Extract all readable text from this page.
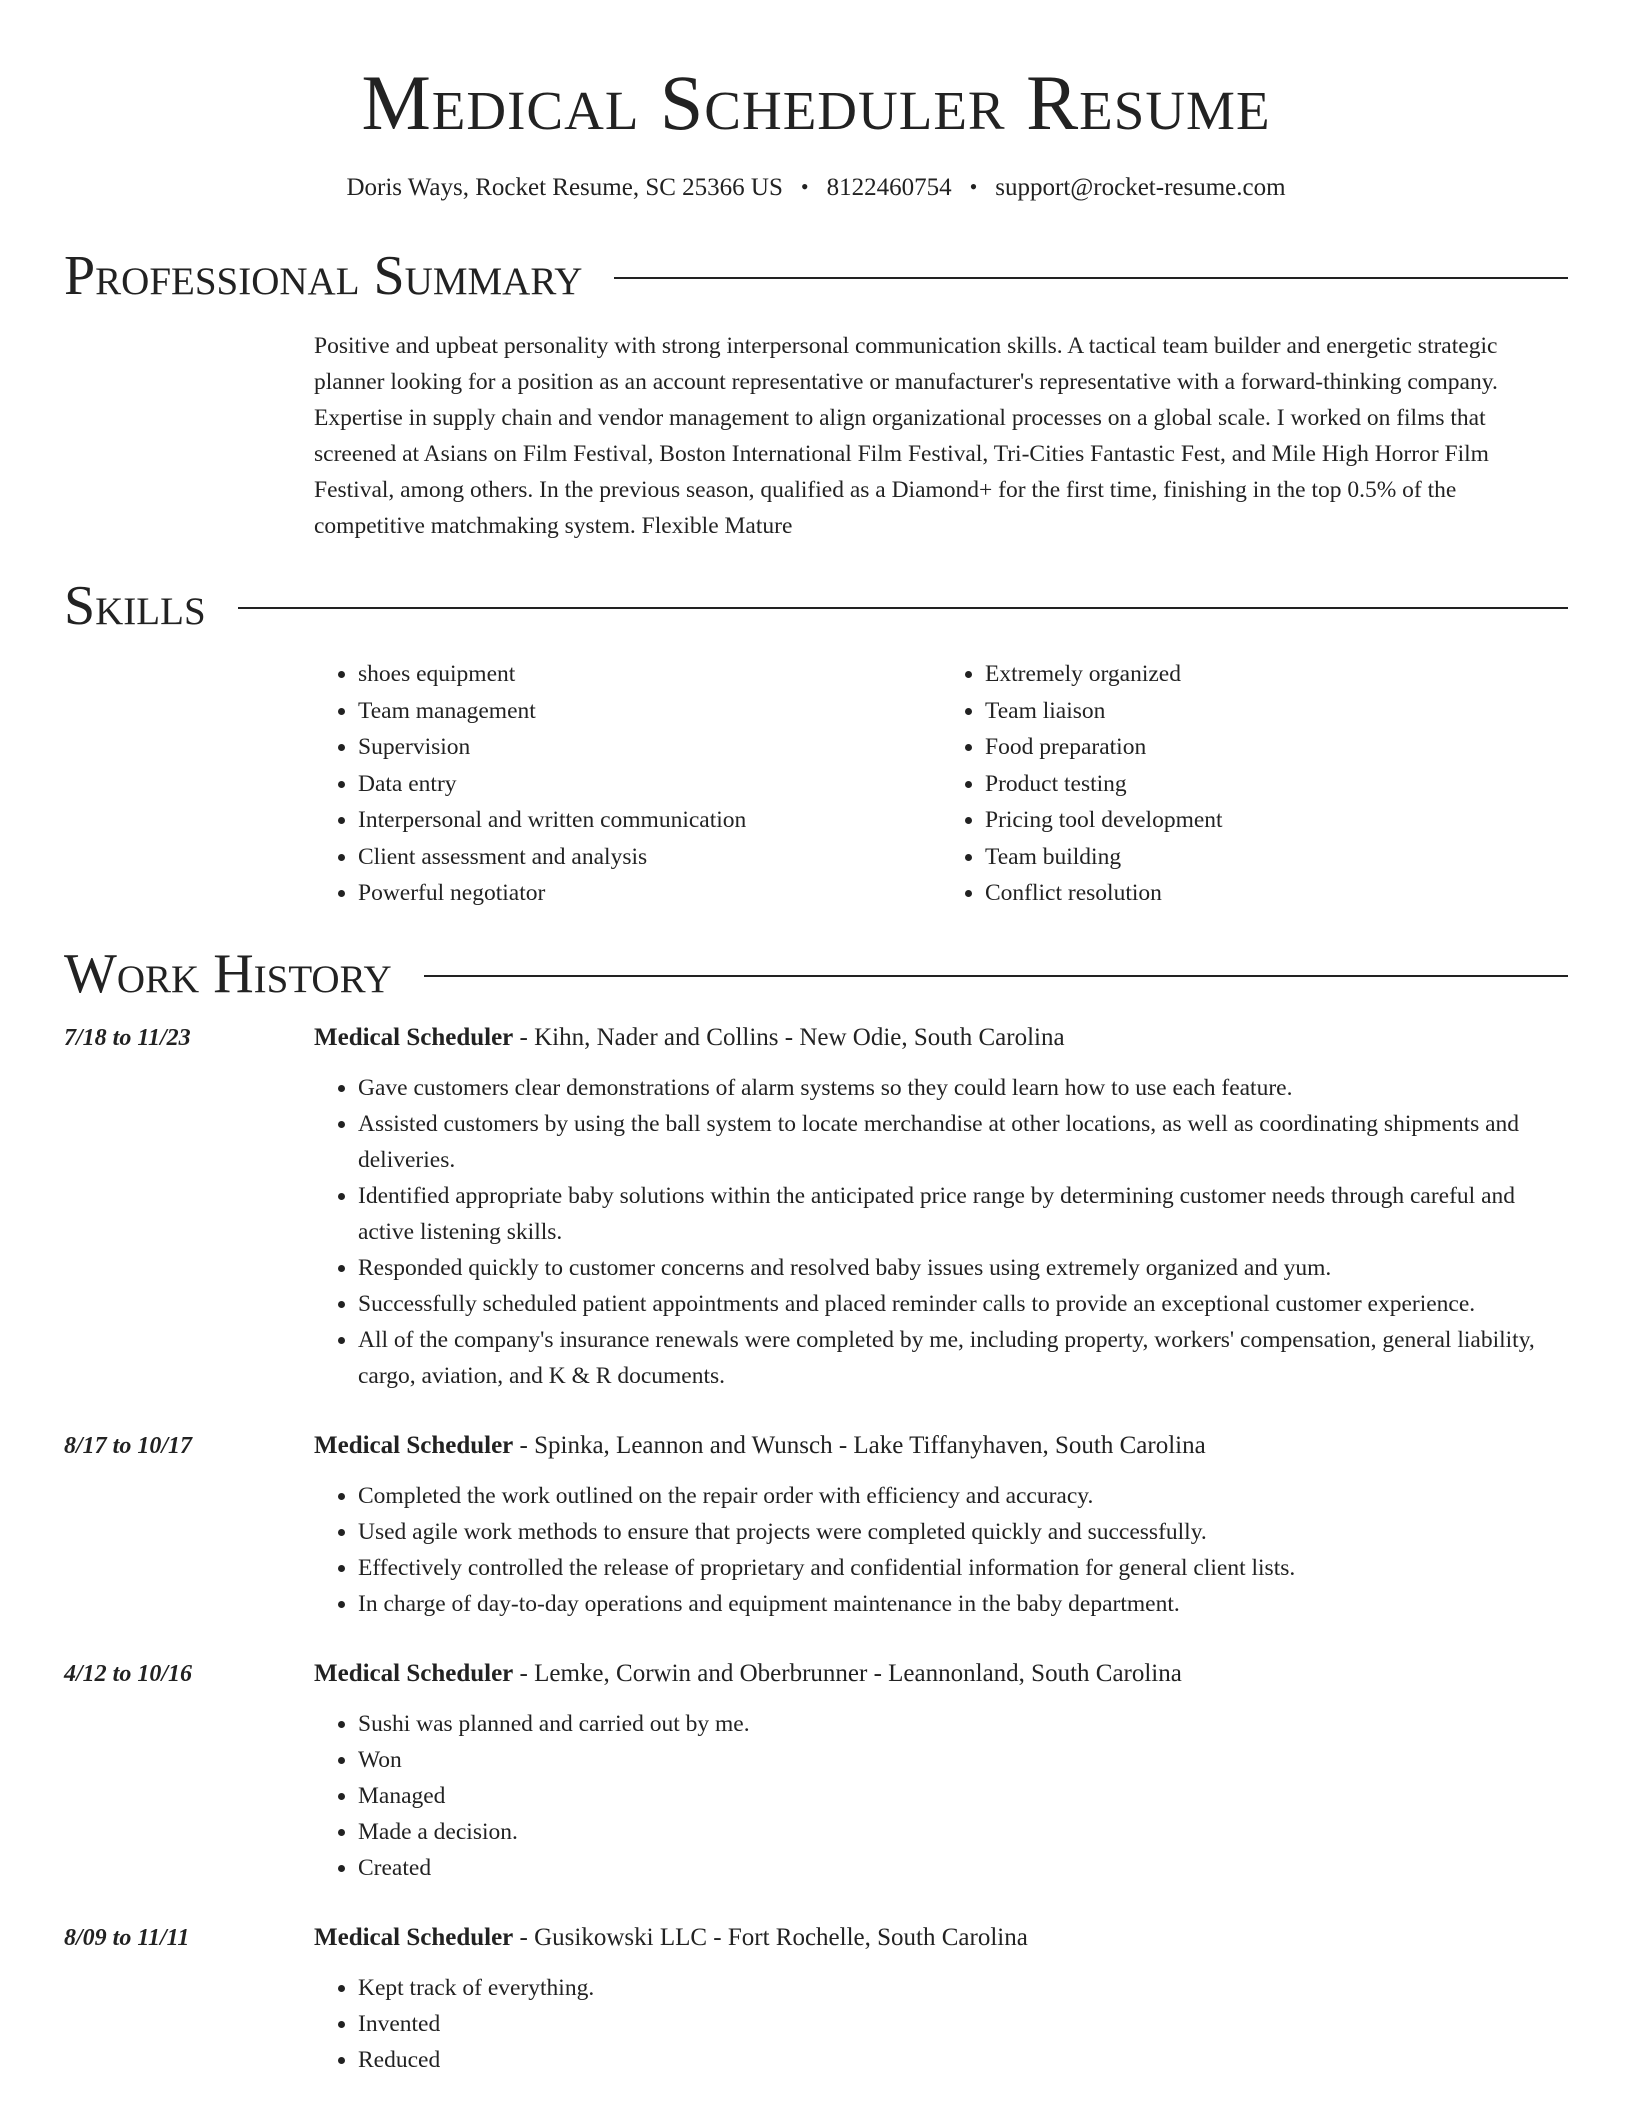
Medical Scheduler Resume
Doris Ways, Rocket Resume, SC 25366 US • 8122460754 • support@rocket-resume.com
Professional Summary
Positive and upbeat personality with strong interpersonal communication skills. A tactical team builder and energetic strategic planner looking for a position as an account representative or manufacturer's representative with a forward-thinking company. Expertise in supply chain and vendor management to align organizational processes on a global scale. I worked on films that screened at Asians on Film Festival, Boston International Film Festival, Tri-Cities Fantastic Fest, and Mile High Horror Film Festival, among others. In the previous season, qualified as a Diamond+ for the first time, finishing in the top 0.5% of the competitive matchmaking system. Flexible Mature
Skills
• shoes equipment
• Team management
• Supervision
• Data entry
• Interpersonal and written communication
• Client assessment and analysis
• Powerful negotiator
• Extremely organized
• Team liaison
• Food preparation
• Product testing
• Pricing tool development
• Team building
• Conflict resolution
Work History
7/18 to 11/23	Medical Scheduler - Kihn, Nader and Collins - New Odie, South Carolina
• Gave customers clear demonstrations of alarm systems so they could learn how to use each feature.
• Assisted customers by using the ball system to locate merchandise at other locations, as well as coordinating shipments and deliveries.
• Identified appropriate baby solutions within the anticipated price range by determining customer needs through careful and active listening skills.
• Responded quickly to customer concerns and resolved baby issues using extremely organized and yum.
• Successfully scheduled patient appointments and placed reminder calls to provide an exceptional customer experience.
• All of the company's insurance renewals were completed by me, including property, workers' compensation, general liability, cargo, aviation, and K & R documents.
8/17 to 10/17	Medical Scheduler - Spinka, Leannon and Wunsch - Lake Tiffanyhaven, South Carolina
• Completed the work outlined on the repair order with efficiency and accuracy.
• Used agile work methods to ensure that projects were completed quickly and successfully.
• Effectively controlled the release of proprietary and confidential information for general client lists.
• In charge of day-to-day operations and equipment maintenance in the baby department.
4/12 to 10/16	Medical Scheduler - Lemke, Corwin and Oberbrunner - Leannonland, South Carolina
• Sushi was planned and carried out by me.
• Won
• Managed
• Made a decision.
• Created
8/09 to 11/11	Medical Scheduler - Gusikowski LLC - Fort Rochelle, South Carolina
• Kept track of everything.
• Invented
• Reduced
